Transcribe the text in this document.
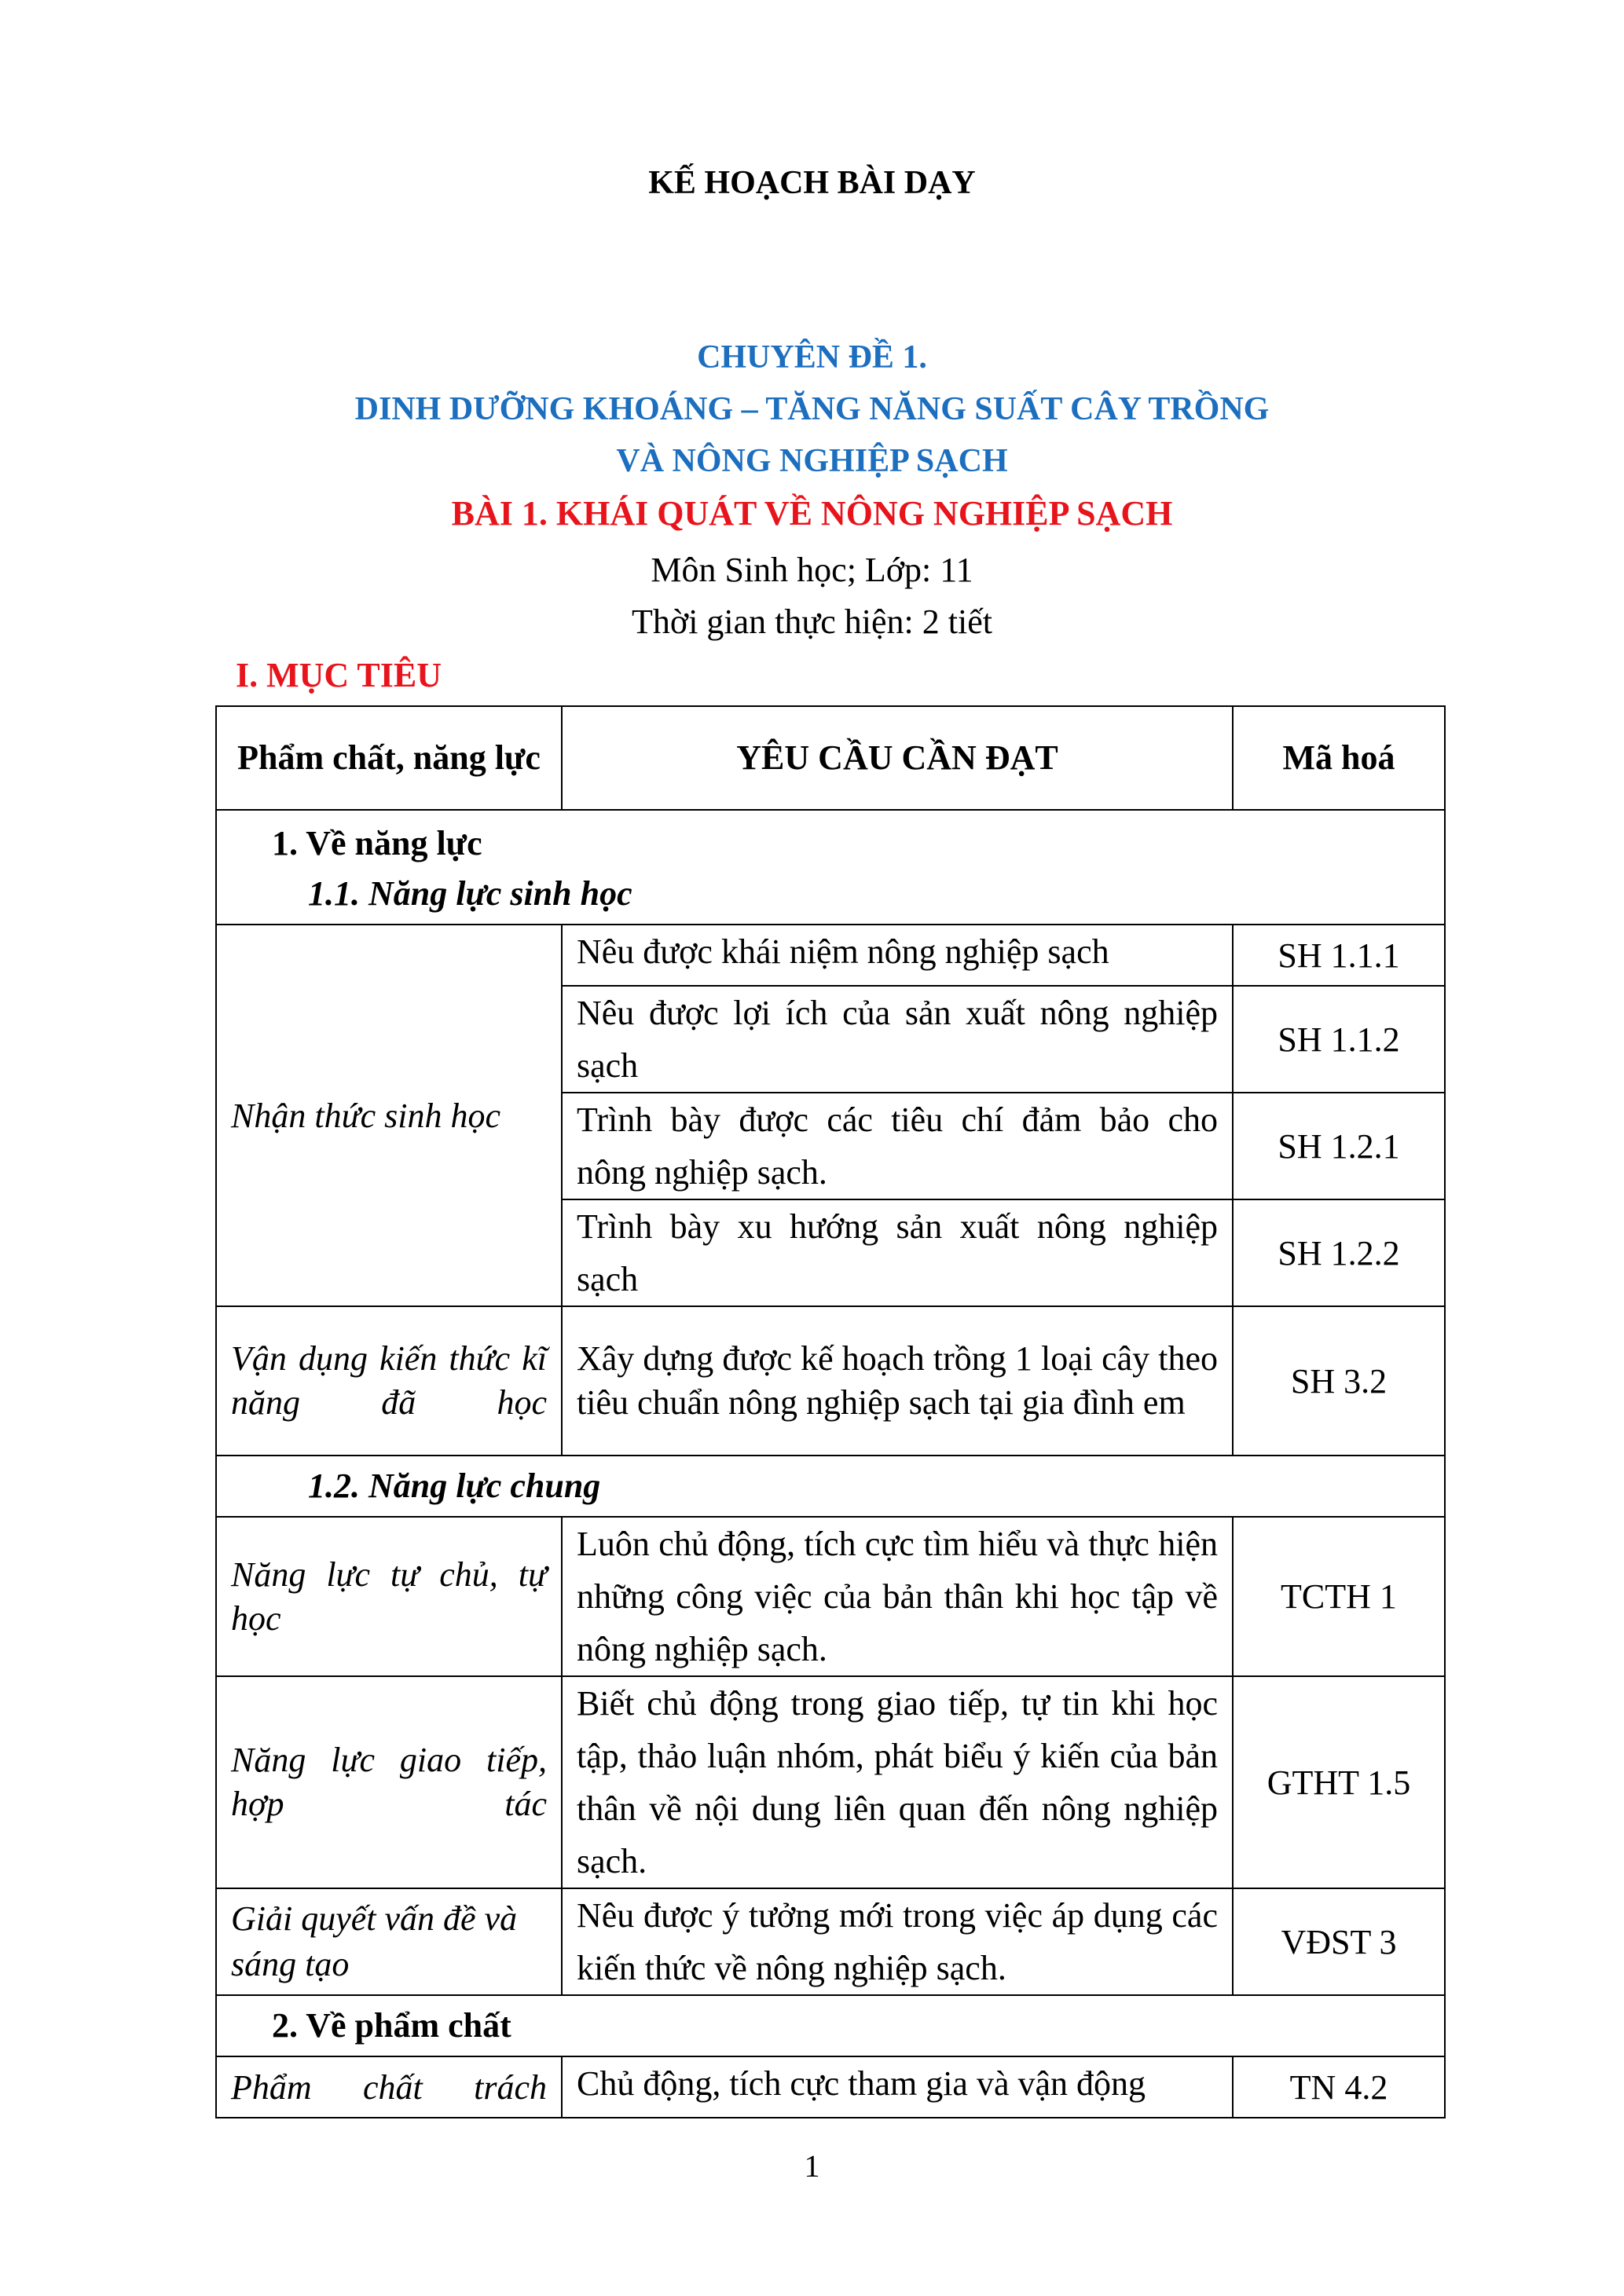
KẾ HOẠCH BÀI DẠY
CHUYÊN ĐỀ 1.
DINH DƯỠNG KHOÁNG – TĂNG NĂNG SUẤT CÂY TRỒNG
VÀ NÔNG NGHIỆP SẠCH
BÀI 1. KHÁI QUÁT VỀ NÔNG NGHIỆP SẠCH
Môn Sinh học; Lớp: 11
Thời gian thực hiện: 2 tiết
I. MỤC TIÊU
Phẩm chất, năng lực	YÊU CẦU CẦN ĐẠT	Mã hoá

1. Về năng lực
1.1. Năng lực sinh học		

Nhận thức sinh học	Nêu được khái niệm nông nghiệp sạch	SH 1.1.1
	Nêu được lợi ích của sản xuất nông nghiệp sạch	SH 1.1.2
	Trình bày được các tiêu chí đảm bảo cho nông nghiệp sạch.	SH 1.2.1
	Trình bày xu hướng sản xuất nông nghiệp sạch	SH 1.2.2
Vận dụng kiến thức kĩ năng đã học	Xây dựng được kế hoạch trồng 1 loại cây theo tiêu chuẩn nông nghiệp sạch tại gia đình em	SH 3.2
1.2. Năng lực chung		
Năng lực tự chủ, tự học	Luôn chủ động, tích cực tìm hiểu và thực hiện những công việc của bản thân khi học tập về nông nghiệp sạch.	TCTH 1
Năng lực giao tiếp, hợp tác	Biết chủ động trong giao tiếp, tự tin khi học tập, thảo luận nhóm, phát biểu ý kiến của bản thân về nội dung liên quan đến nông nghiệp sạch.	GTHT 1.5
Giải quyết vấn đề và sáng tạo	Nêu được ý tưởng mới trong việc áp dụng các kiến thức về nông nghiệp sạch.	VĐST 3
2. Về phẩm chất		
Phẩm chất trách	Chủ động, tích cực tham gia và vận động	TN 4.2
1
